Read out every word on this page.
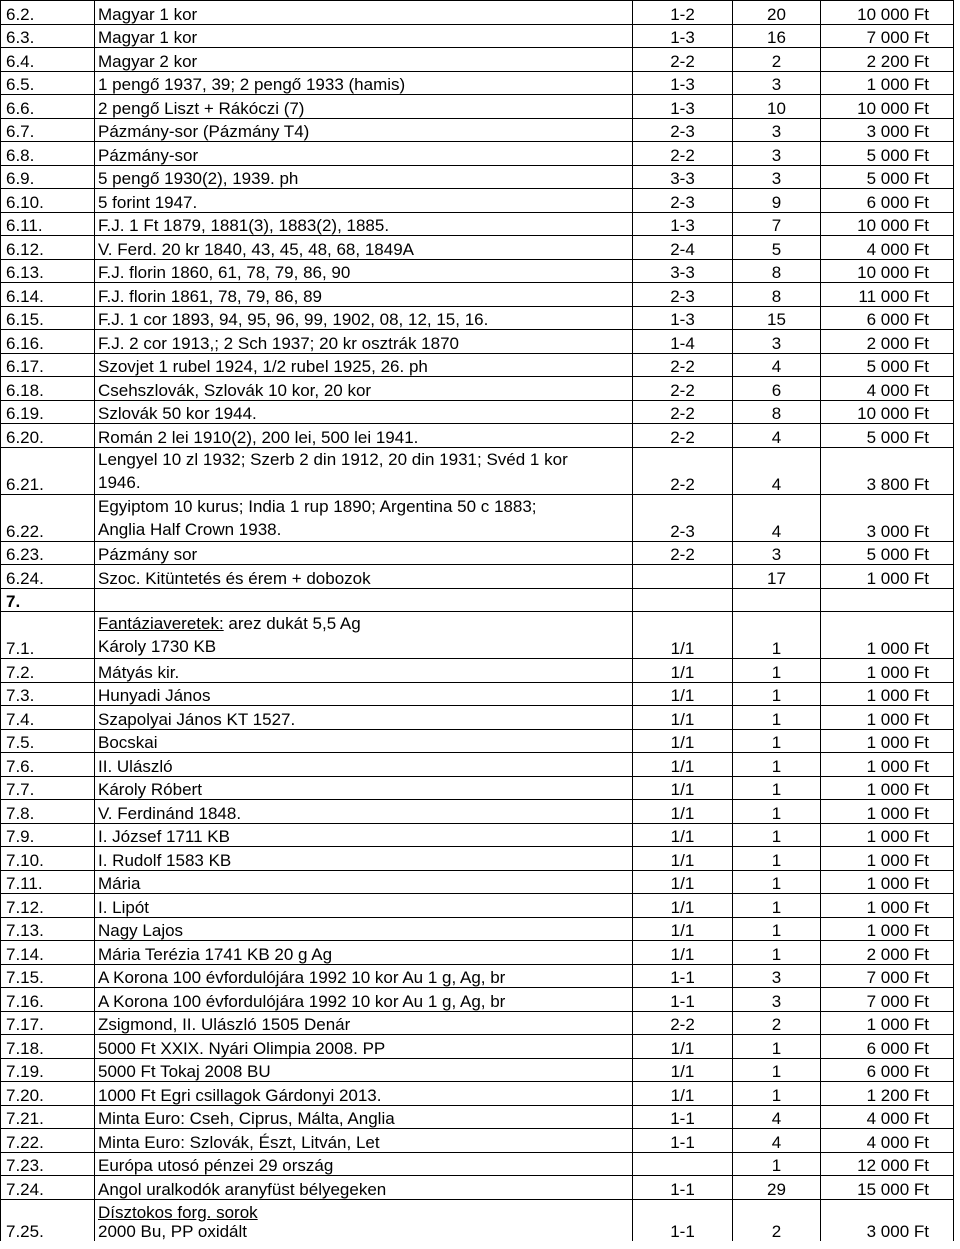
6.2.	Magyar 1 kor	1-2	20	10 000 Ft
6.3.	Magyar 1 kor	1-3	16	7 000 Ft
6.4.	Magyar 2 kor	2-2	2	2 200 Ft
6.5.	1 pengő 1937, 39; 2 pengő 1933 (hamis)	1-3	3	1 000 Ft
6.6.	2 pengő Liszt + Rákóczi (7)	1-3	10	10 000 Ft
6.7.	Pázmány-sor (Pázmány T4)	2-3	3	3 000 Ft
6.8.	Pázmány-sor	2-2	3	5 000 Ft
6.9.	5 pengő 1930(2), 1939. ph	3-3	3	5 000 Ft
6.10.	5 forint 1947.	2-3	9	6 000 Ft
6.11.	F.J. 1 Ft 1879, 1881(3), 1883(2), 1885.	1-3	7	10 000 Ft
6.12.	V. Ferd. 20 kr 1840, 43, 45, 48, 68, 1849A	2-4	5	4 000 Ft
6.13.	F.J. florin 1860, 61, 78, 79, 86, 90	3-3	8	10 000 Ft
6.14.	F.J. florin 1861, 78, 79, 86, 89	2-3	8	11 000 Ft
6.15.	F.J. 1 cor 1893, 94, 95, 96, 99, 1902, 08, 12, 15, 16.	1-3	15	6 000 Ft
6.16.	F.J. 2 cor 1913,; 2 Sch 1937; 20 kr osztrák 1870	1-4	3	2 000 Ft
6.17.	Szovjet 1 rubel 1924, 1/2 rubel 1925, 26. ph	2-2	4	5 000 Ft
6.18.	Csehszlovák, Szlovák 10 kor, 20 kor	2-2	6	4 000 Ft
6.19.	Szlovák 50 kor 1944.	2-2	8	10 000 Ft
6.20.	Román 2 lei 1910(2), 200 lei, 500 lei 1941.	2-2	4	5 000 Ft
6.21.	Lengyel 10 zl 1932; Szerb 2 din 1912, 20 din 1931; Svéd 1 kor
1946.	2-2	4	3 800 Ft
6.22.	Egyiptom 10 kurus; India 1 rup 1890; Argentina 50 c 1883;
Anglia Half Crown 1938.	2-3	4	3 000 Ft
6.23.	Pázmány sor	2-2	3	5 000 Ft
6.24.	Szoc. Kitüntetés és érem + dobozok		17	1 000 Ft
7.				
7.1.	Fantáziaveretek: arez dukát 5,5 Ag
Károly 1730 KB	1/1	1	1 000 Ft
7.2.	Mátyás kir.	1/1	1	1 000 Ft
7.3.	Hunyadi János	1/1	1	1 000 Ft
7.4.	Szapolyai János KT 1527.	1/1	1	1 000 Ft
7.5.	Bocskai	1/1	1	1 000 Ft
7.6.	II. Ulászló	1/1	1	1 000 Ft
7.7.	Károly Róbert	1/1	1	1 000 Ft
7.8.	V. Ferdinánd 1848.	1/1	1	1 000 Ft
7.9.	I. József 1711 KB	1/1	1	1 000 Ft
7.10.	I. Rudolf 1583 KB	1/1	1	1 000 Ft
7.11.	Mária	1/1	1	1 000 Ft
7.12.	I. Lipót	1/1	1	1 000 Ft
7.13.	Nagy Lajos	1/1	1	1 000 Ft
7.14.	Mária Terézia 1741 KB 20 g Ag	1/1	1	2 000 Ft
7.15.	A Korona 100 évfordulójára 1992 10 kor Au 1 g, Ag, br	1-1	3	7 000 Ft
7.16.	A Korona 100 évfordulójára 1992 10 kor Au 1 g, Ag, br	1-1	3	7 000 Ft
7.17.	Zsigmond, II. Ulászló 1505 Denár	2-2	2	1 000 Ft
7.18.	5000 Ft XXIX. Nyári Olimpia 2008. PP	1/1	1	6 000 Ft
7.19.	5000 Ft Tokaj 2008 BU	1/1	1	6 000 Ft
7.20.	1000 Ft Egri csillagok Gárdonyi 2013.	1/1	1	1 200 Ft
7.21.	Minta Euro: Cseh, Ciprus, Málta, Anglia	1-1	4	4 000 Ft
7.22.	Minta Euro: Szlovák, Észt, Litván, Let	1-1	4	4 000 Ft
7.23.	Európa utosó pénzei 29 ország		1	12 000 Ft
7.24.	Angol uralkodók aranyfüst bélyegeken	1-1	29	15 000 Ft
	Dísztokos forg. sorok			
7.25.	2000 Bu, PP oxidált	1-1	2	3 000 Ft
